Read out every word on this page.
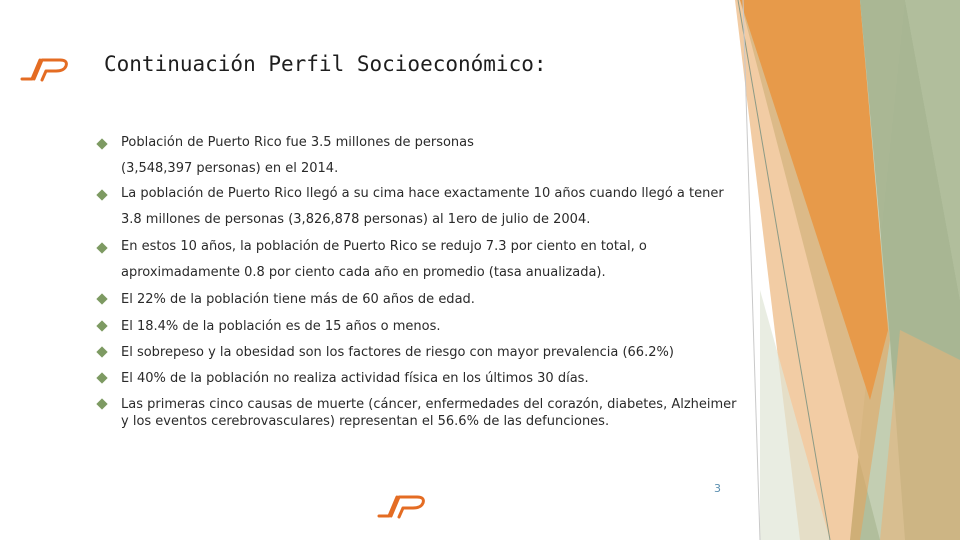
Continuación Perfil Socioeconómico:
Población de Puerto Rico fue 3.5 millones de personas
(3,548,397 personas) en el 2014.
La población de Puerto Rico llegó a su cima hace exactamente 10 años cuando llegó a tener
3.8 millones de personas (3,826,878 personas) al 1ero de julio de 2004.
En estos 10 años, la población de Puerto Rico se redujo 7.3 por ciento en total, o
aproximadamente 0.8 por ciento cada año en promedio (tasa anualizada).
El 22% de la población tiene más de 60 años de edad.
El 18.4% de la población es de 15 años o menos.
El sobrepeso y la obesidad son los factores de riesgo con mayor prevalencia (66.2%)
El 40% de la población no realiza actividad física en los últimos 30 días.
Las primeras cinco causas de muerte (cáncer, enfermedades del corazón, diabetes, Alzheimer
y los eventos cerebrovasculares) representan el 56.6% de las defunciones.
3
